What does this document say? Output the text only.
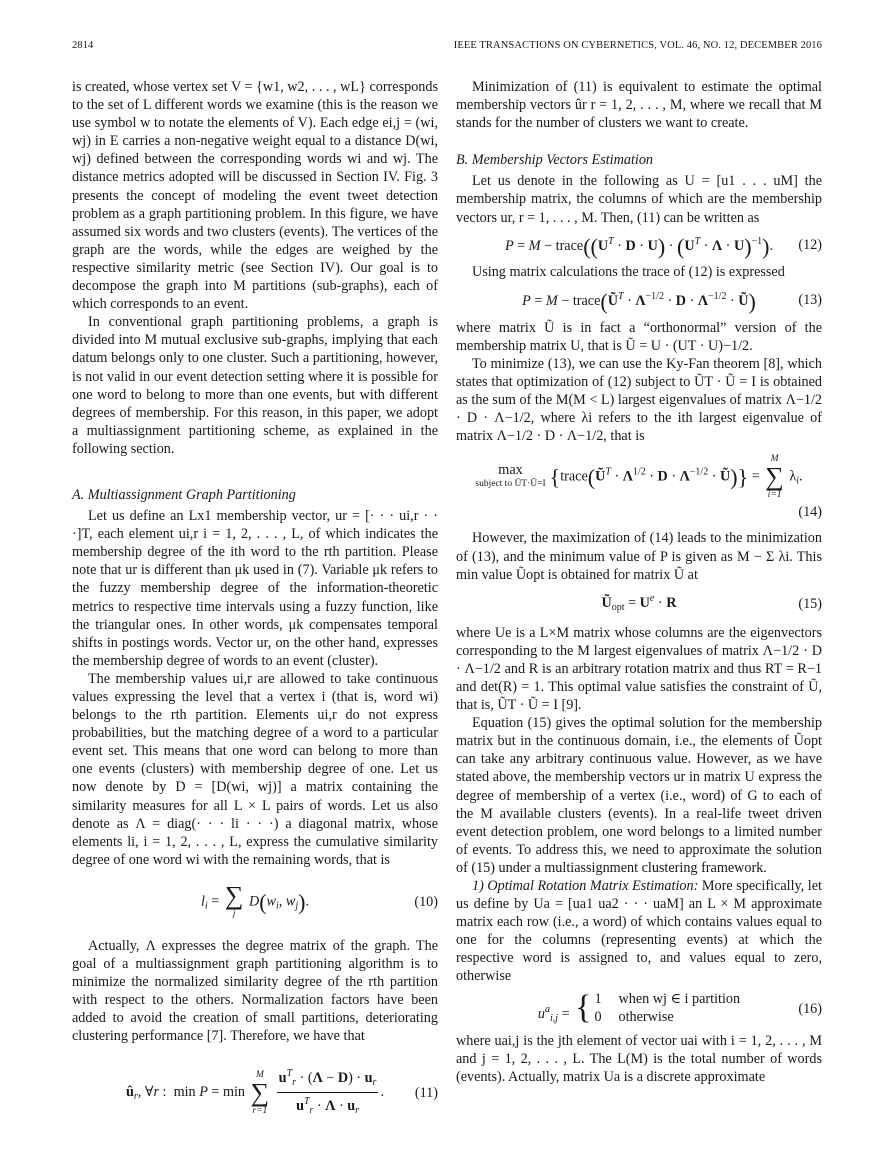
2814	IEEE TRANSACTIONS ON CYBERNETICS, VOL. 46, NO. 12, DECEMBER 2016

is created, whose vertex set V = {w1, w2, . . . , wL} corresponds to the set of L different words we examine (this is the reason we use symbol w to notate the elements of V). Each edge ei,j = (wi, wj) in E carries a non-negative weight equal to a distance D(wi, wj) defined between the corresponding words wi and wj. The distance metrics adopted will be discussed in Section IV. Fig. 3 presents the concept of modeling the event tweet detection problem as a graph partitioning problem. In this figure, we have assumed six words and two clusters (events). The vertices of the graph are the words, while the edges are weighed by the respective similarity metric (see Section IV). Our goal is to decompose the graph into M partitions (sub-graphs), each of which corresponds to an event.

In conventional graph partitioning problems, a graph is divided into M mutual exclusive sub-graphs, implying that each datum belongs only to one cluster. Such a partitioning, however, is not valid in our event detection setting where it is possible for one word to belong to more than one events, but with different degrees of membership. For this reason, in this paper, we adopt a multiassignment partitioning scheme, as explained in the following section.

A. Multiassignment Graph Partitioning

Let us define an Lx1 membership vector, ur = [· · · ui,r · · ·]T, each element ui,r i = 1, 2, . . . , L, of which indicates the membership degree of the ith word to the rth partition. Please note that ur is different than μk used in (7). Variable μk refers to the fuzzy membership degree of the information-theoretic metrics to respective time intervals using a fuzzy function, like the triangular ones. In other words, μk compensates temporal shifts in postings words. Vector ur, on the other hand, expresses the membership degree of words to an event (cluster).

The membership values ui,r are allowed to take continuous values expressing the level that a vertex i (that is, word wi) belongs to the rth partition. Elements ui,r do not express probabilities, but the matching degree of a word to a particular event set. This means that one word can belong to more than one events (clusters) with membership degree of one. Let us now denote by D = [D(wi, wj)] a matrix containing the similarity measures for all L × L pairs of words. Let us also denote as Λ = diag(· · · li · · ·) a diagonal matrix, whose elements li, i = 1, 2, . . . , L, express the cumulative similarity degree of one word wi with the remaining words, that is

$l_i$ = ∑
j
$D(w_i$, $w_j$).	(10)

Actually, Λ expresses the degree matrix of the graph. The goal of a multiassignment graph partitioning algorithm is to minimize the normalized similarity degree of the rth partition with respect to the others. Normalization factors have been added to avoid the creation of small partitions, deteriorating clustering performance [7]. Therefore, we have that

$û_r$, ∀r :  min P = min
M
∑
r=1
$\frac{u^T_r \cdot (\Lambda - D) \cdot u_r}{u^T_r \cdot \Lambda \cdot u_r}$ . (11)

Minimization of (11) is equivalent to estimate the optimal membership vectors ûr r = 1, 2, . . . , M, where we recall that M stands for the number of clusters we want to create.

B. Membership Vectors Estimation

Let us denote in the following as U = [u1 . . . uM] the membership matrix, the columns of which are the membership vectors ur, r = 1, . . . , M. Then, (11) can be written as

$P = M - trace((U^T \cdot D \cdot U) \cdot (U^T \cdot \Lambda \cdot U)^{-1})$. (12)

Using matrix calculations the trace of (12) is expressed

$P = M - trace(Ũ^T \cdot \Lambda^{-1/2} \cdot D \cdot \Lambda^{-1/2}$ · Ũ)	(13)

where matrix Ũ is in fact a “orthonormal” version of the membership matrix U, that is Ũ = U · (UT · U)−1/2.

To minimize (13), we can use the Ky-Fan theorem [8], which states that optimization of (12) subject to ŨT · Ũ = I is obtained as the sum of the M(M < L) largest eigenvalues of matrix Λ−1/2 · D · Λ−1/2, where λi refers to the ith largest eigenvalue of matrix Λ−1/2 · D · Λ−1/2, that is

max
subject to ŨT·Ũ=I {$trace(Ũ^T \cdot \Lambda^{1/2} \cdot D \cdot \Lambda^{-1/2}$ · Ũ)} =
M
∑
i=1
$\lambda_i$.
(14)

However, the maximization of (14) leads to the minimization of (13), and the minimum value of P is given as M − Σ λi. This min value Ũopt is obtained for matrix Ũ at

$Ũ_{opt} = U^e \cdot R$	(15)

where Ue is a L×M matrix whose columns are the eigenvectors corresponding to the M largest eigenvalues of matrix Λ−1/2 · D · Λ−1/2 and R is an arbitrary rotation matrix and thus RT = R−1 and det(R) = 1. This optimal value satisfies the constraint of Ũ, that is, ŨT · Ũ = I [9].

Equation (15) gives the optimal solution for the membership matrix but in the continuous domain, i.e., the elements of Ũopt can take any arbitrary continuous value. However, as we have stated above, the membership vectors ur in matrix U express the degree of membership of a vertex (i.e., word) of G to each of the M available clusters (events). In a real-life tweet driven event detection problem, one word belongs to a limited number of events. To address this, we need to approximate the solution of (15) under a multiassignment clustering framework.

1) Optimal Rotation Matrix Estimation: More specifically, let us define by Ua = [ua1 ua2 · · · uaM] an L × M approximate matrix each row (i.e., a word) of which contains values equal to one for the columns (representing events) at which the respective word is assigned to, and values equal to zero, otherwise

$u^a_{i,j}$ = { 1 when wj ∈ i partition
0 otherwise	(16)

where uai,j is the jth element of vector uai with i = 1, 2, . . . , M and j = 1, 2, . . . , L. The L(M) is the total number of words (events). Actually, matrix Ua is a discrete approximate
